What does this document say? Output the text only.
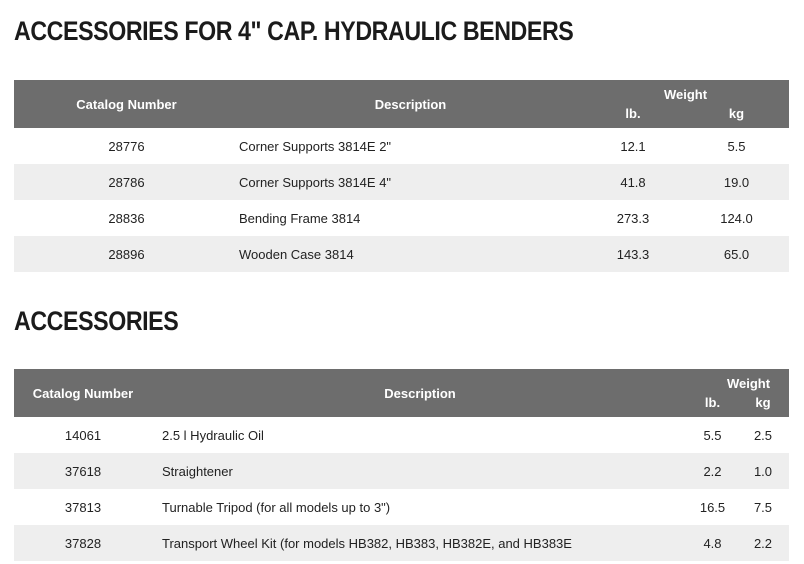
ACCESSORIES FOR 4" CAP. HYDRAULIC BENDERS
Catalog Number	Description	Weight	
		lb.	kg
28776	Corner Supports 3814E 2"	12.1	5.5
28786	Corner Supports 3814E 4"	41.8	19.0
28836	Bending Frame 3814	273.3	124.0
28896	Wooden Case 3814	143.3	65.0
ACCESSORIES
Catalog Number	Description	Weight	
		lb.	kg
14061	2.5 l Hydraulic Oil	5.5	2.5
37618	Straightener	2.2	1.0
37813	Turnable Tripod (for all models up to 3")	16.5	7.5
37828	Transport Wheel Kit (for models HB382, HB383, HB382E, and HB383E	4.8	2.2
